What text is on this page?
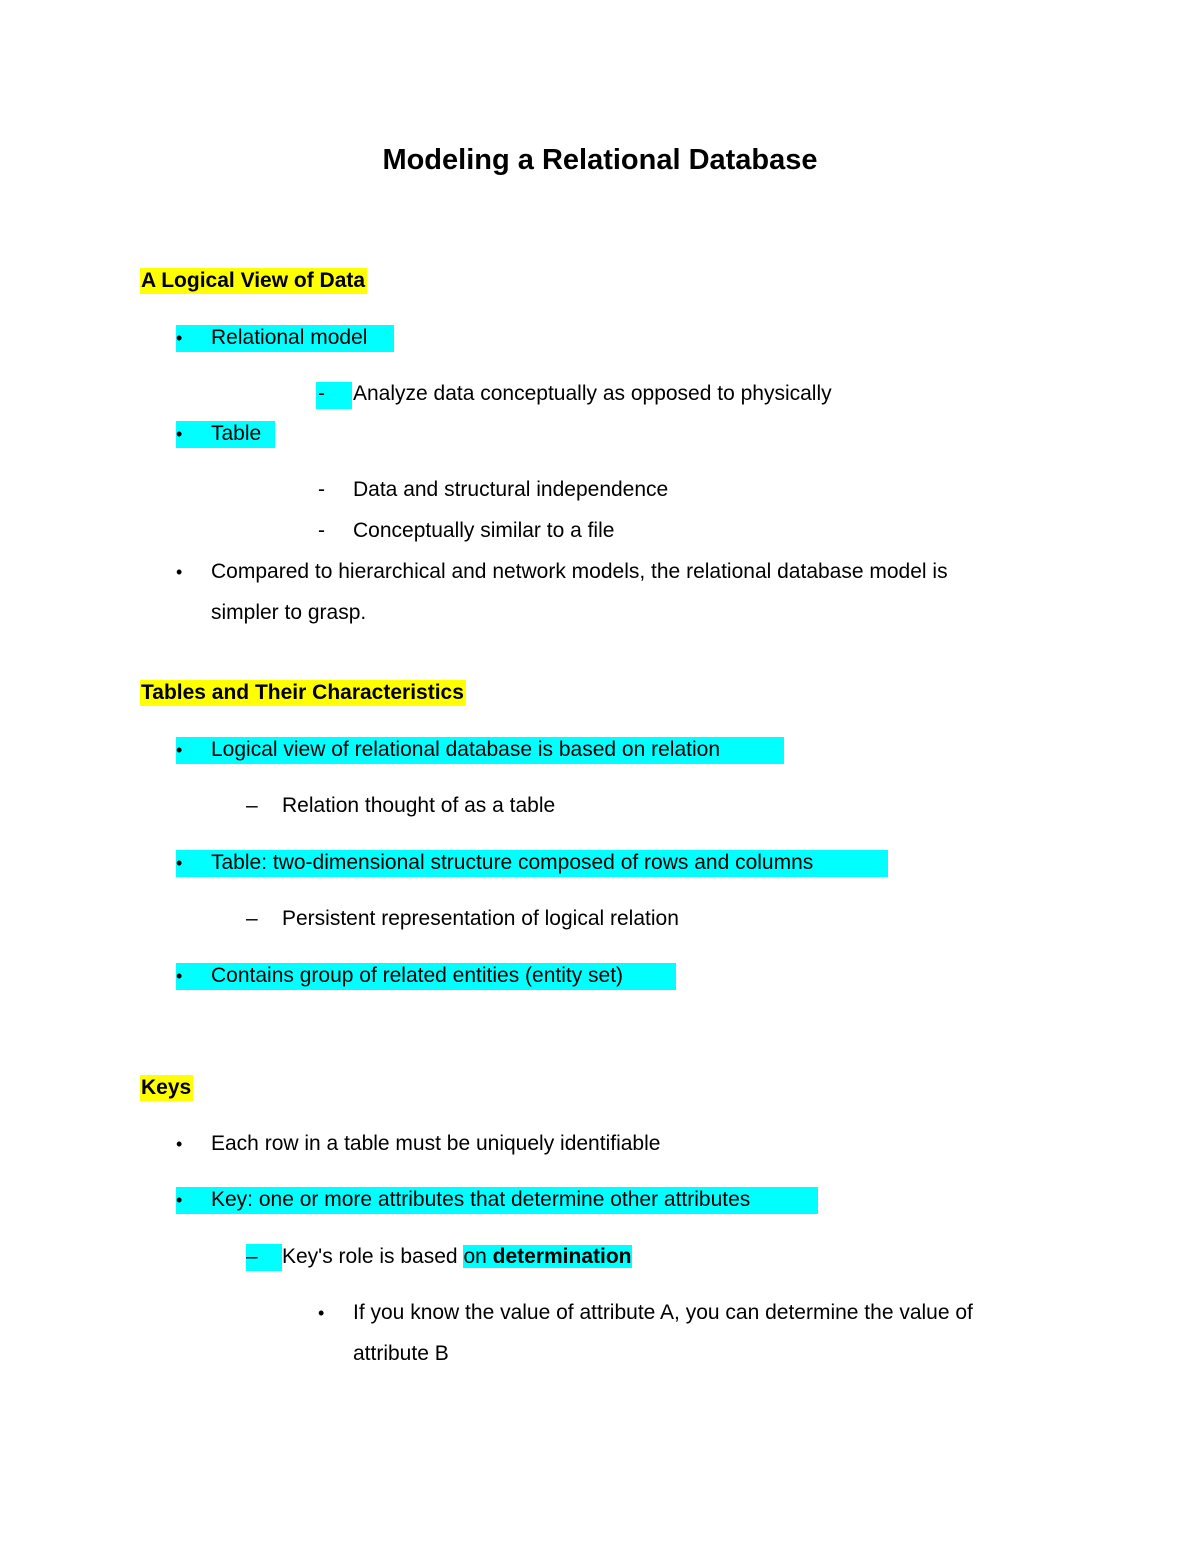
Modeling a Relational Database
A Logical View of Data
• Relational model
- Analyze data conceptually as opposed to physically
• Table
- Data and structural independence
- Conceptually similar to a file
• Compared to hierarchical and network models, the relational database model is
simpler to grasp.
Tables and Their Characteristics
• Logical view of relational database is based on relation
– Relation thought of as a table
• Table: two-dimensional structure composed of rows and columns
– Persistent representation of logical relation
• Contains group of related entities (entity set)
Keys
• Each row in a table must be uniquely identifiable
• Key: one or more attributes that determine other attributes
– Key's role is based on determination
• If you know the value of attribute A, you can determine the value of
attribute B
